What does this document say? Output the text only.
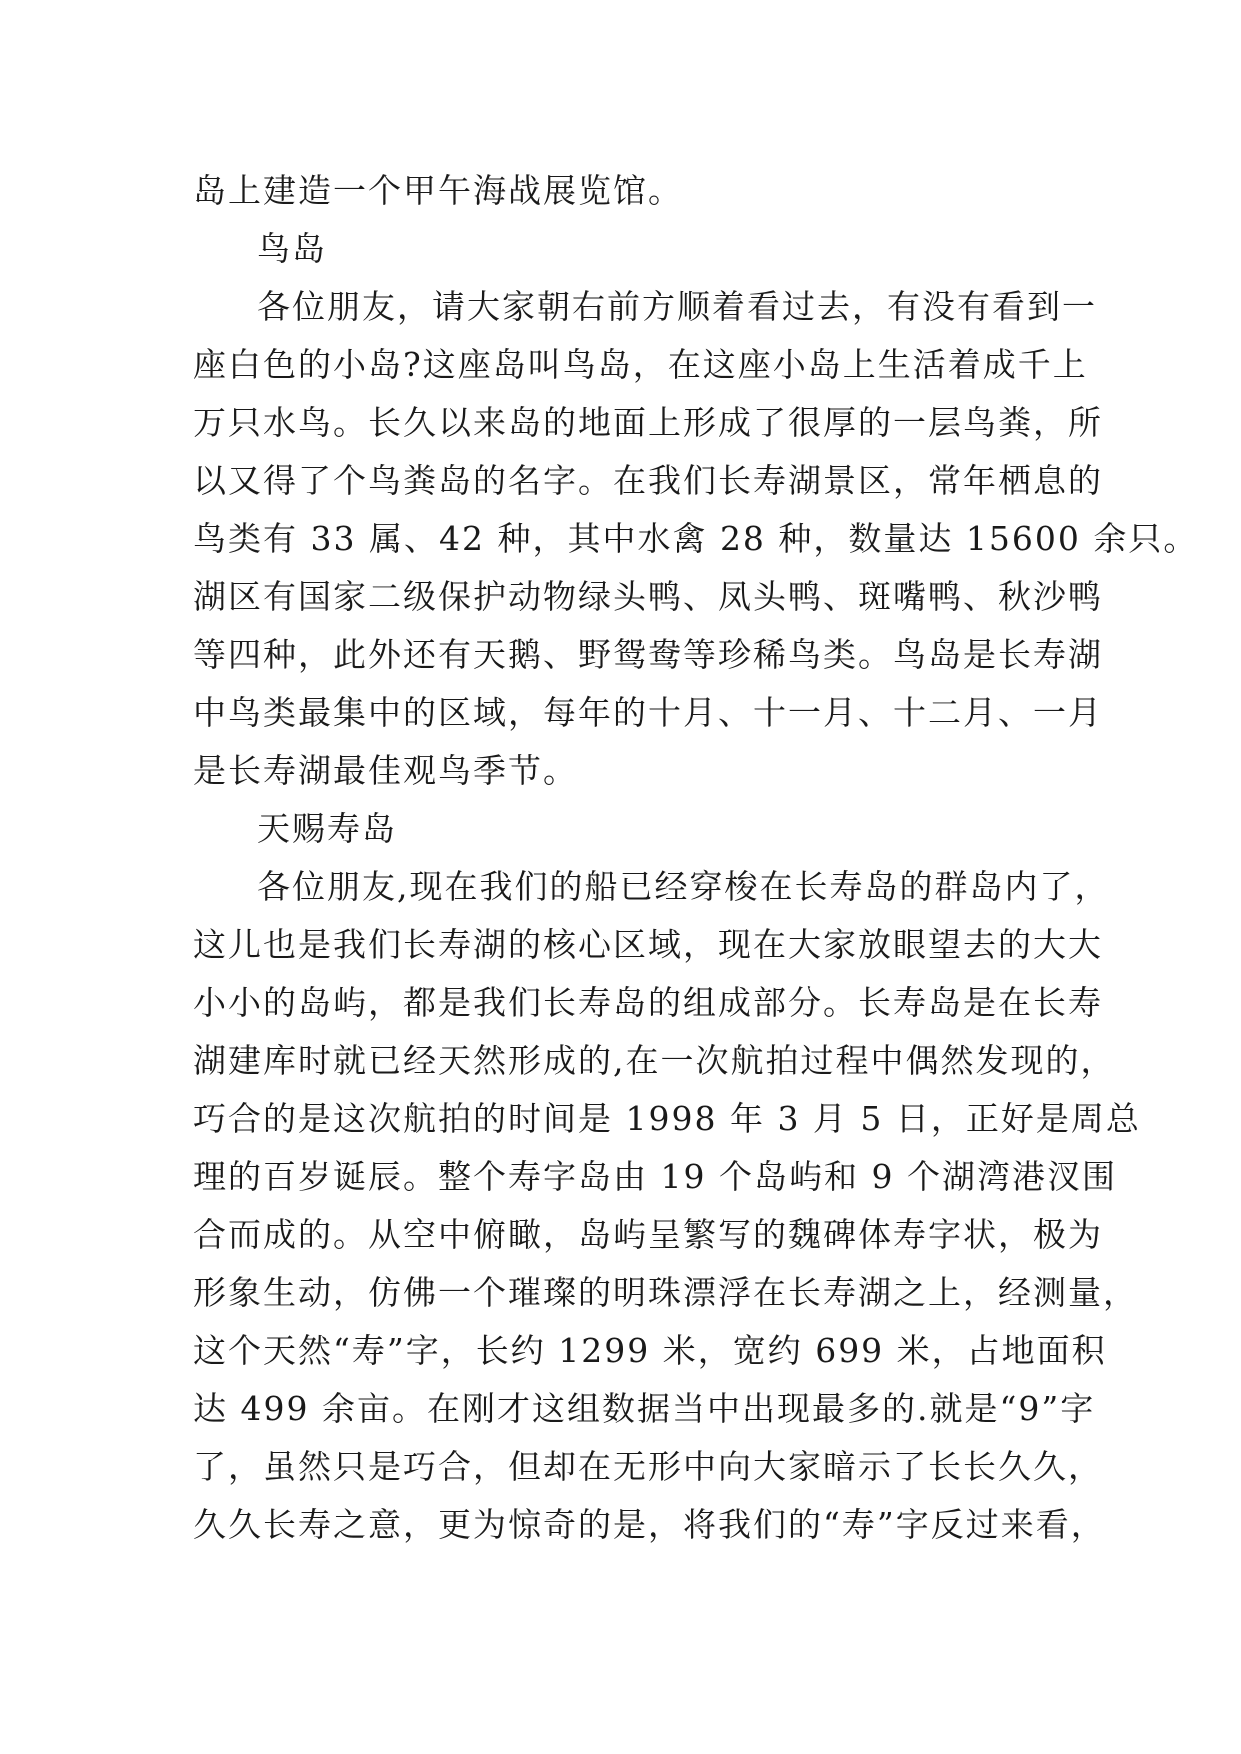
岛上建造一个甲午海战展览馆。
鸟岛
各位朋友，请大家朝右前方顺着看过去，有没有看到一
座白色的小岛?这座岛叫鸟岛，在这座小岛上生活着成千上
万只水鸟。长久以来岛的地面上形成了很厚的一层鸟粪，所
以又得了个鸟粪岛的名字。在我们长寿湖景区，常年栖息的
鸟类有 33 属、42 种，其中水禽 28 种，数量达 15600 余只。
湖区有国家二级保护动物绿头鸭、凤头鸭、斑嘴鸭、秋沙鸭
等四种，此外还有天鹅、野鸳鸯等珍稀鸟类。鸟岛是长寿湖
中鸟类最集中的区域，每年的十月、十一月、十二月、一月
是长寿湖最佳观鸟季节。
天赐寿岛
各位朋友,现在我们的船已经穿梭在长寿岛的群岛内了，
这儿也是我们长寿湖的核心区域，现在大家放眼望去的大大
小小的岛屿，都是我们长寿岛的组成部分。长寿岛是在长寿
湖建库时就已经天然形成的,在一次航拍过程中偶然发现的，
巧合的是这次航拍的时间是 1998 年 3 月 5 日，正好是周总
理的百岁诞辰。整个寿字岛由 19 个岛屿和 9 个湖湾港汊围
合而成的。从空中俯瞰，岛屿呈繁写的魏碑体寿字状，极为
形象生动，仿佛一个璀璨的明珠漂浮在长寿湖之上，经测量，
这个天然“寿”字，长约 1299 米，宽约 699 米，占地面积
达 499 余亩。在刚才这组数据当中出现最多的.就是“9”字
了，虽然只是巧合，但却在无形中向大家暗示了长长久久，
久久长寿之意，更为惊奇的是，将我们的“寿”字反过来看，
